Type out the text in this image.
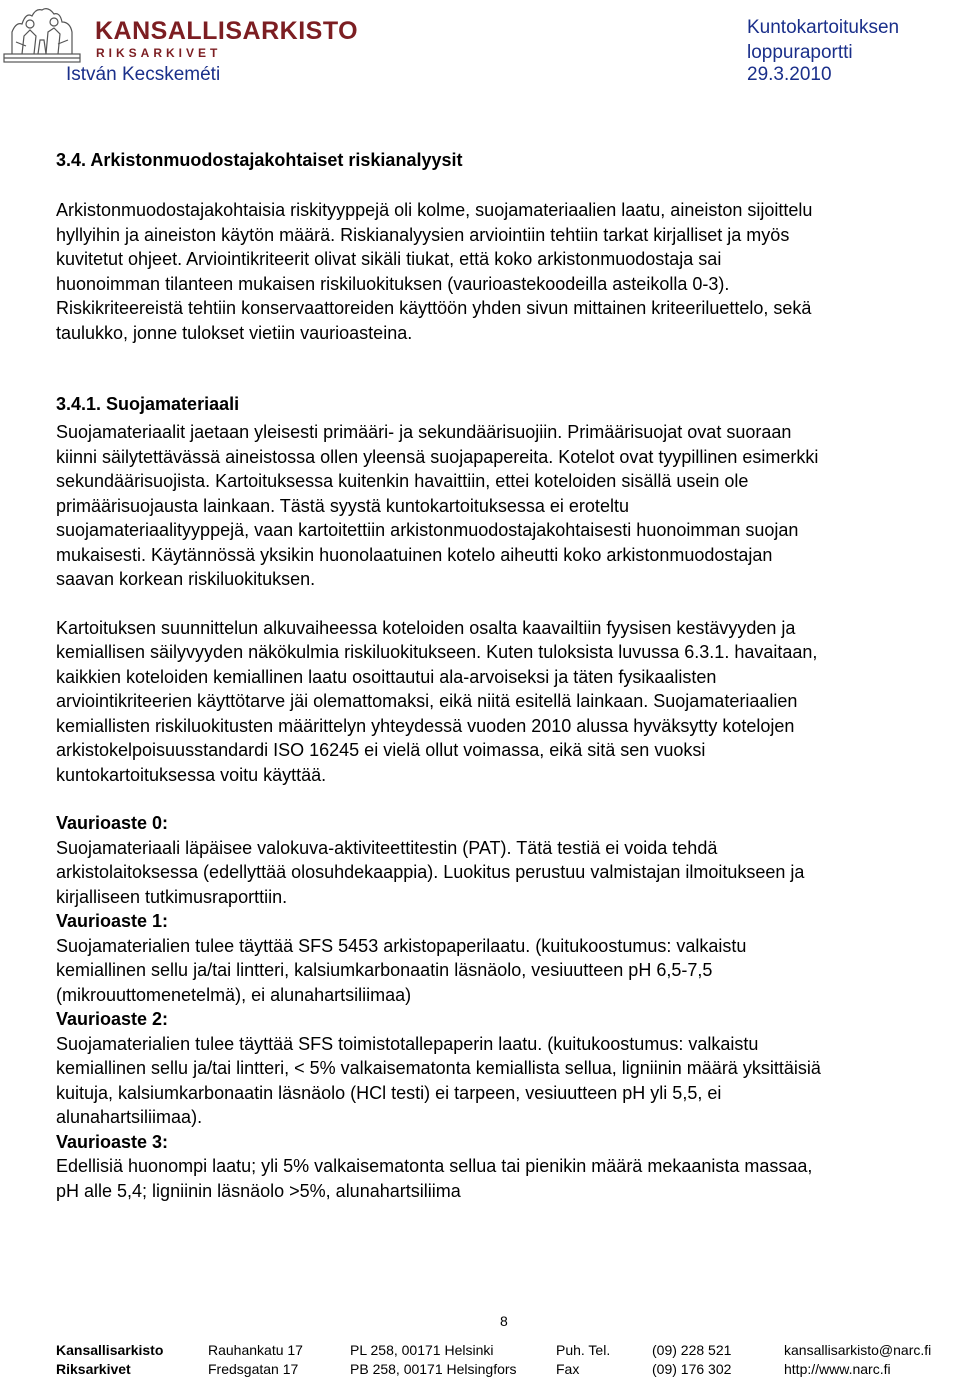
KANSALLISARKISTO
RIKSARKIVET
István Kecskeméti
Kuntokartoituksen
loppuraportti
29.3.2010

3.4. Arkistonmuodostajakohtaiset riskianalyysit

Arkistonmuodostajakohtaisia riskityyppejä oli kolme, suojamateriaalien laatu, aineiston sijoittelu

hyllyihin ja aineiston käytön määrä. Riskianalyysien arviointiin tehtiin tarkat kirjalliset ja myös

kuvitetut ohjeet. Arviointikriteerit olivat sikäli tiukat, että koko arkistonmuodostaja sai

huonoimman tilanteen mukaisen riskiluokituksen (vaurioastekoodeilla asteikolla 0-3).

Riskikriteereistä tehtiin konservaattoreiden käyttöön yhden sivun mittainen kriteeriluettelo, sekä

taulukko, jonne tulokset vietiin vaurioasteina.

3.4.1. Suojamateriaali

Suojamateriaalit jaetaan yleisesti primääri- ja sekundäärisuojiin. Primäärisuojat ovat suoraan

kiinni säilytettävässä aineistossa ollen yleensä suojapapereita. Kotelot ovat tyypillinen esimerkki

sekundäärisuojista. Kartoituksessa kuitenkin havaittiin, ettei koteloiden sisällä usein ole

primäärisuojausta lainkaan. Tästä syystä kuntokartoituksessa ei eroteltu

suojamateriaalityyppejä, vaan kartoitettiin arkistonmuodostajakohtaisesti huonoimman suojan

mukaisesti. Käytännössä yksikin huonolaatuinen kotelo aiheutti koko arkistonmuodostajan

saavan korkean riskiluokituksen.

Kartoituksen suunnittelun alkuvaiheessa koteloiden osalta kaavailtiin fyysisen kestävyyden ja

kemiallisen säilyvyyden näkökulmia riskiluokitukseen. Kuten tuloksista luvussa 6.3.1. havaitaan,

kaikkien koteloiden kemiallinen laatu osoittautui ala-arvoiseksi ja täten fysikaalisten

arviointikriteerien käyttötarve jäi olemattomaksi, eikä niitä esitellä lainkaan. Suojamateriaalien

kemiallisten riskiluokitusten määrittelyn yhteydessä vuoden 2010 alussa hyväksytty kotelojen

arkistokelpoisuusstandardi ISO 16245 ei vielä ollut voimassa, eikä sitä sen vuoksi

kuntokartoituksessa voitu käyttää.

Vaurioaste 0:

Suojamateriaali läpäisee valokuva-aktiviteettitestin (PAT). Tätä testiä ei voida tehdä

arkistolaitoksessa (edellyttää olosuhdekaappia). Luokitus perustuu valmistajan ilmoitukseen ja

kirjalliseen tutkimusraporttiin.

Vaurioaste 1:

Suojamaterialien tulee täyttää SFS 5453 arkistopaperilaatu. (kuitukoostumus: valkaistu

kemiallinen sellu ja/tai lintteri, kalsiumkarbonaatin läsnäolo, vesiuutteen pH 6,5-7,5

(mikrouuttomenetelmä), ei alunahartsiliimaa)

Vaurioaste 2:

Suojamaterialien tulee täyttää SFS toimistotallepaperin laatu. (kuitukoostumus: valkaistu

kemiallinen sellu ja/tai lintteri, < 5% valkaisematonta kemiallista sellua, ligniinin määrä yksittäisiä

kuituja, kalsiumkarbonaatin läsnäolo (HCl testi) ei tarpeen, vesiuutteen pH yli 5,5, ei

alunahartsiliimaa).

Vaurioaste 3:

Edellisiä huonompi laatu; yli 5% valkaisematonta sellua tai pienikin määrä mekaanista massaa,

pH alle 5,4; ligniinin läsnäolo >5%, alunahartsiliima

8
Kansallisarkisto	Rauhankatu 17	PL 258, 00171 Helsinki	Puh. Tel.	(09) 228 521	kansallisarkisto@narc.fi
Riksarkivet	Fredsgatan 17	PB 258, 00171 Helsingfors	Fax	(09) 176 302	http://www.narc.fi
